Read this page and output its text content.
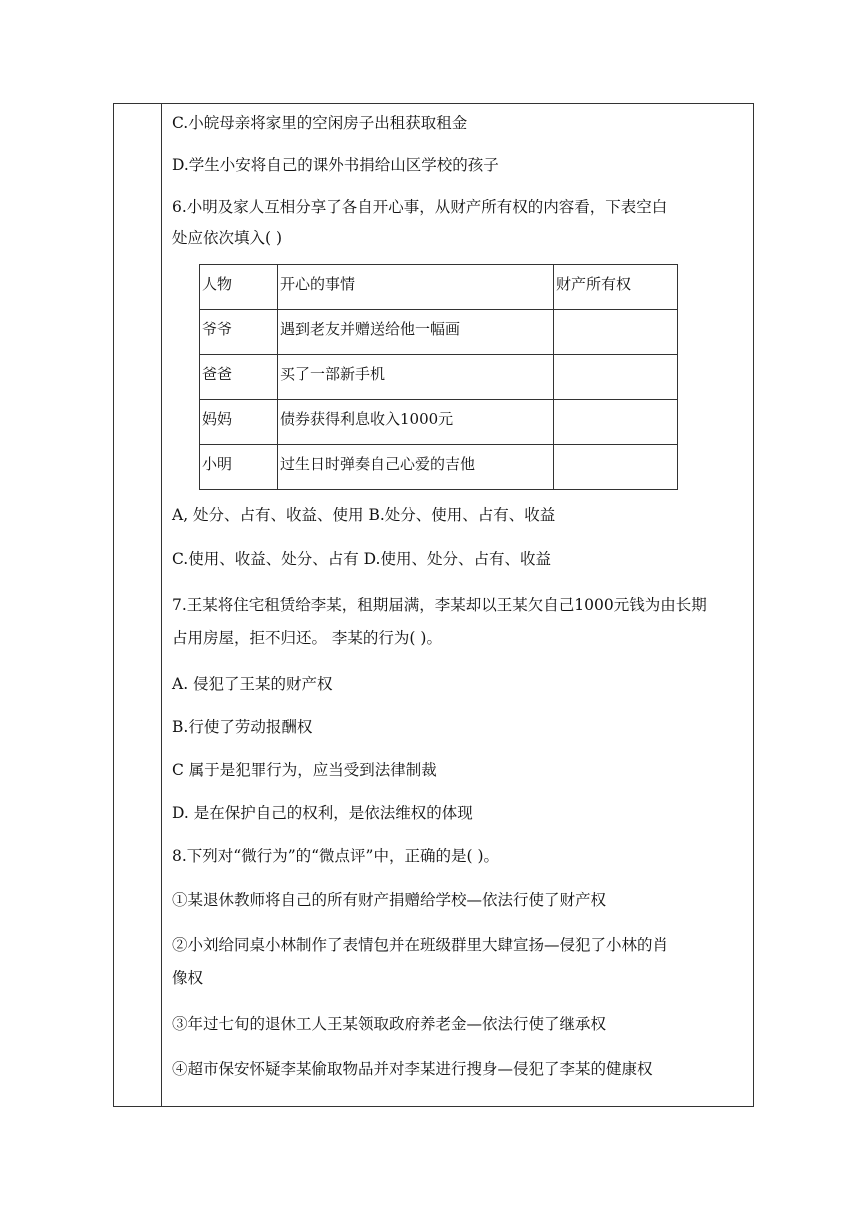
C.小皖母亲将家里的空闲房子出租获取租金
D.学生小安将自己的课外书捐给山区学校的孩子
6.小明及家人互相分享了各自开心事，从财产所有权的内容看，下表空白
处应依次填入( )
A, 处分、占有、收益、使用 B.处分、使用、占有、收益
C.使用、收益、处分、占有 D.使用、处分、占有、收益
7.王某将住宅租赁给李某，租期届满，李某却以王某欠自己1000元钱为由长期
占用房屋，拒不归还。 李某的行为( )。
A. 侵犯了王某的财产权
B.行使了劳动报酬权
C 属于是犯罪行为，应当受到法律制裁
D. 是在保护自己的权利，是依法维权的体现
8.下列对“微行为”的“微点评”中，正确的是( )。
①某退休教师将自己的所有财产捐赠给学校—依法行使了财产权
②小刘给同桌小林制作了表情包并在班级群里大肆宣扬—侵犯了小林的肖
像权
③年过七旬的退休工人王某领取政府养老金—依法行使了继承权
④超市保安怀疑李某偷取物品并对李某进行搜身—侵犯了李某的健康权
人物	开心的事情	财产所有权
爷爷	遇到老友并赠送给他一幅画	
爸爸	买了一部新手机	
妈妈	债券获得利息收入1000元	
小明	过生日时弹奏自己心爱的吉他	
